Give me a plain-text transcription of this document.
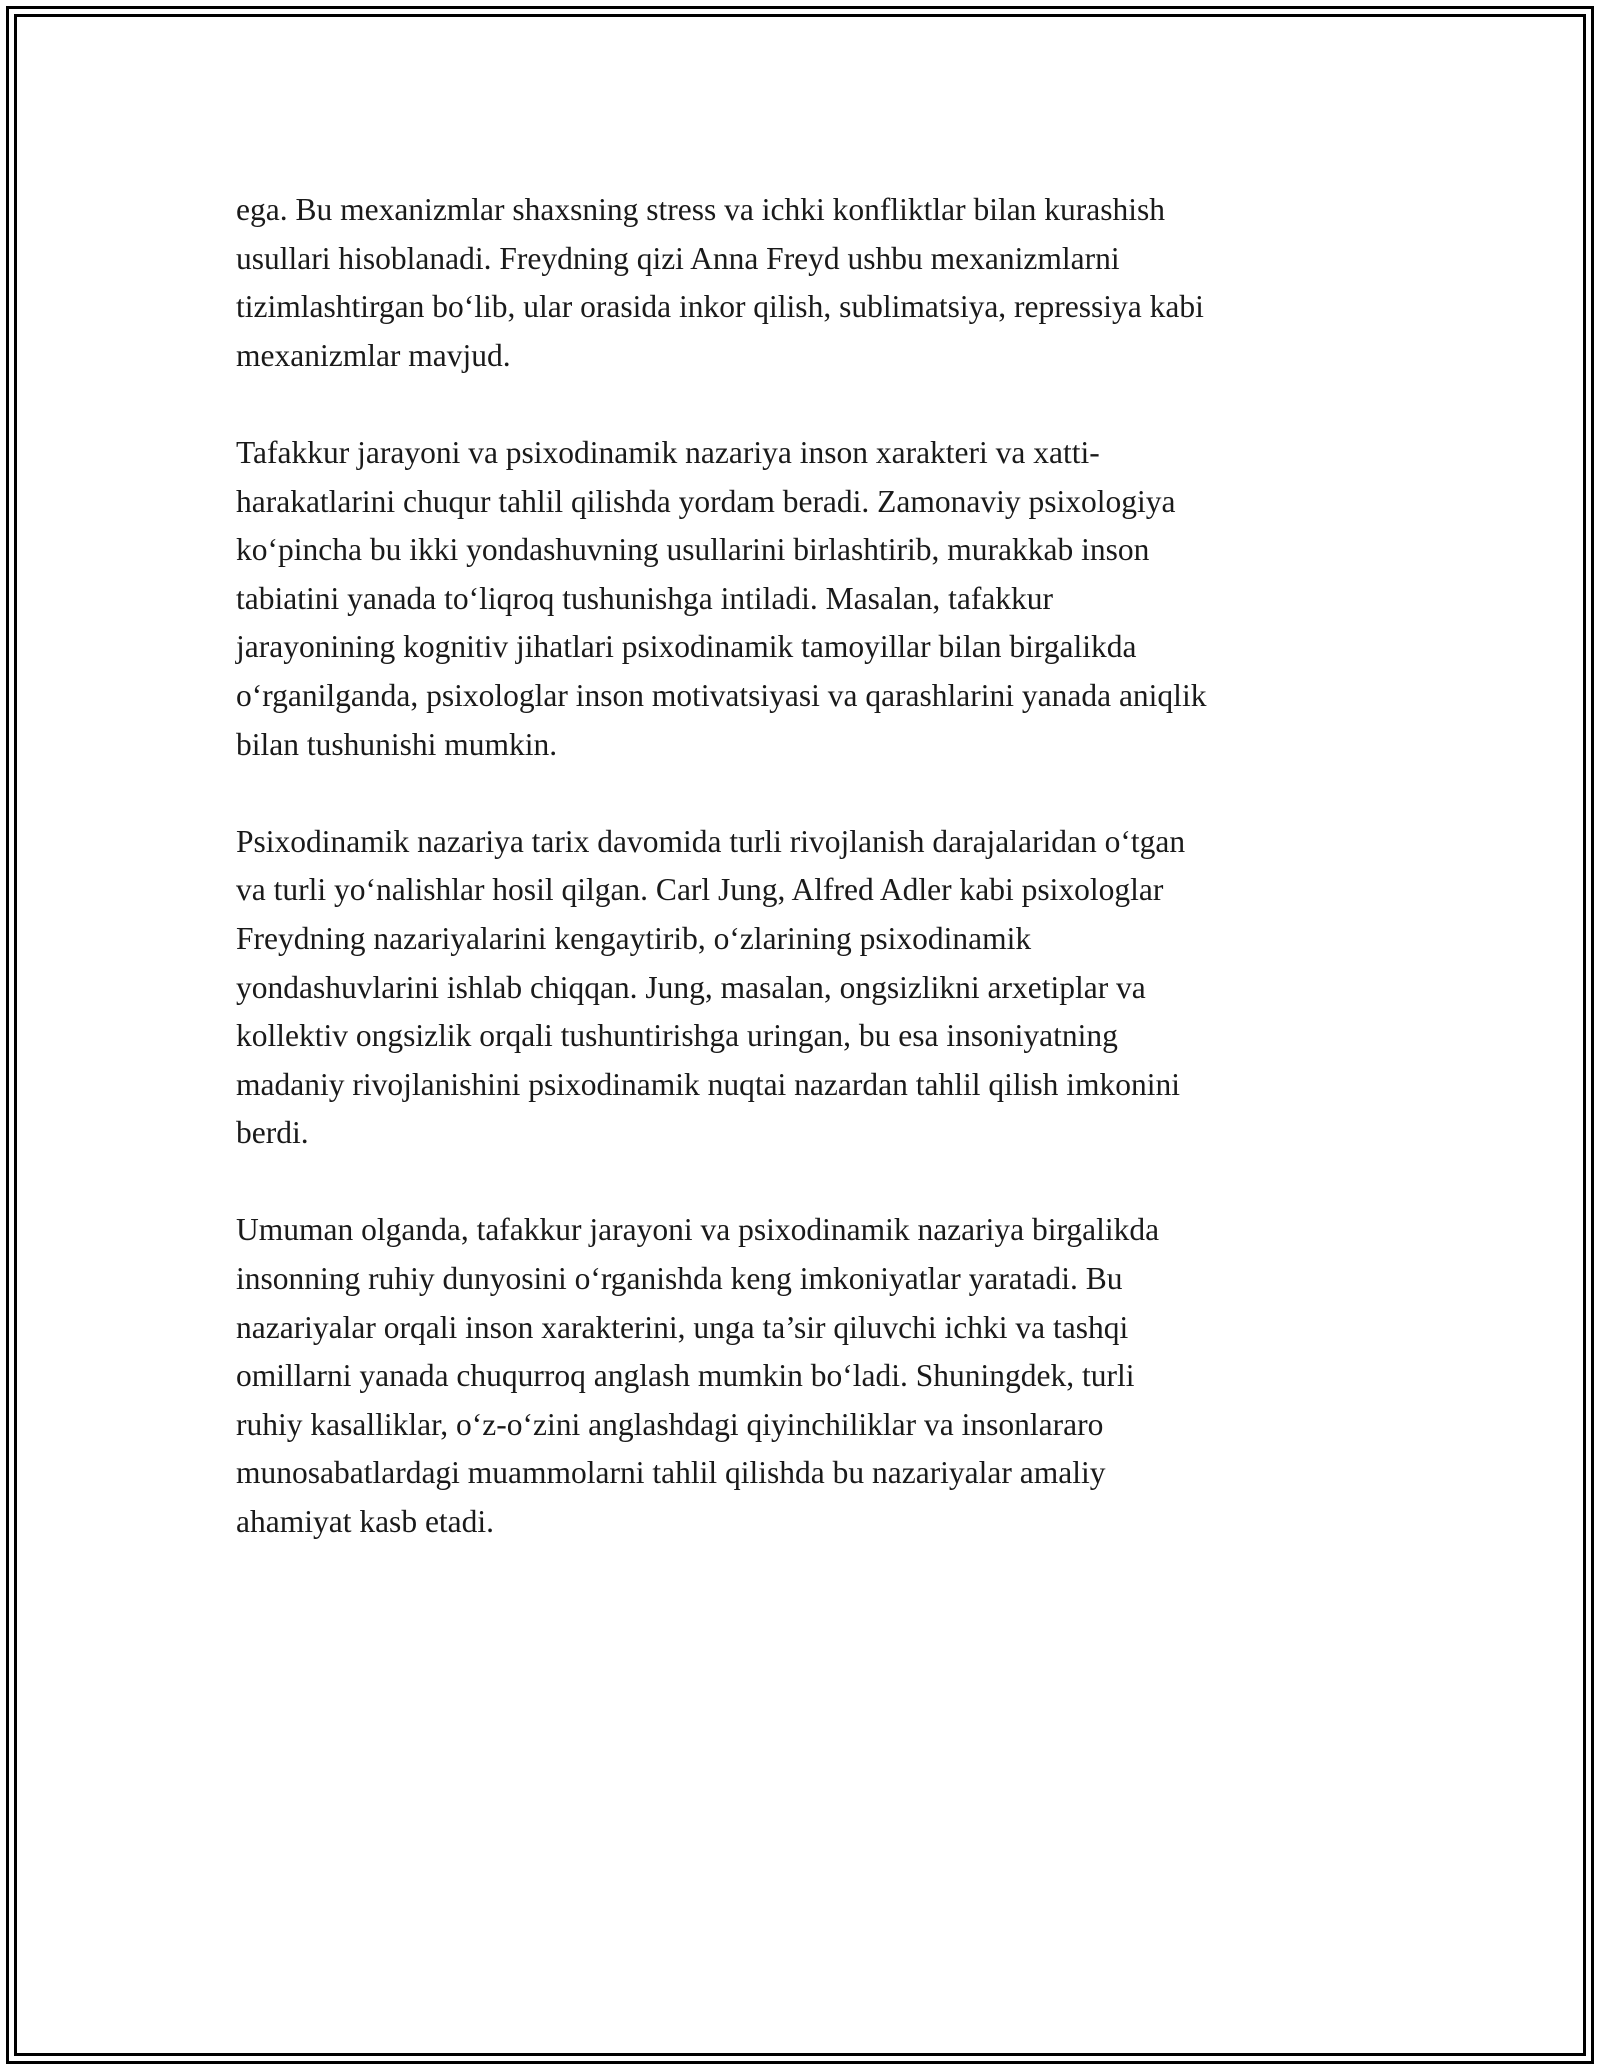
ega. Bu mexanizmlar shaxsning stress va ichki konfliktlar bilan kurashish
usullari hisoblanadi. Freydning qizi Anna Freyd ushbu mexanizmlarni
tizimlashtirgan bo‘lib, ular orasida inkor qilish, sublimatsiya, repressiya kabi
mexanizmlar mavjud.

Tafakkur jarayoni va psixodinamik nazariya inson xarakteri va xatti-
harakatlarini chuqur tahlil qilishda yordam beradi. Zamonaviy psixologiya
ko‘pincha bu ikki yondashuvning usullarini birlashtirib, murakkab inson
tabiatini yanada to‘liqroq tushunishga intiladi. Masalan, tafakkur
jarayonining kognitiv jihatlari psixodinamik tamoyillar bilan birgalikda
o‘rganilganda, psixologlar inson motivatsiyasi va qarashlarini yanada aniqlik
bilan tushunishi mumkin.

Psixodinamik nazariya tarix davomida turli rivojlanish darajalaridan o‘tgan
va turli yo‘nalishlar hosil qilgan. Carl Jung, Alfred Adler kabi psixologlar
Freydning nazariyalarini kengaytirib, o‘zlarining psixodinamik
yondashuvlarini ishlab chiqqan. Jung, masalan, ongsizlikni arxetiplar va
kollektiv ongsizlik orqali tushuntirishga uringan, bu esa insoniyatning
madaniy rivojlanishini psixodinamik nuqtai nazardan tahlil qilish imkonini
berdi.

Umuman olganda, tafakkur jarayoni va psixodinamik nazariya birgalikda
insonning ruhiy dunyosini o‘rganishda keng imkoniyatlar yaratadi. Bu
nazariyalar orqali inson xarakterini, unga ta’sir qiluvchi ichki va tashqi
omillarni yanada chuqurroq anglash mumkin bo‘ladi. Shuningdek, turli
ruhiy kasalliklar, o‘z-o‘zini anglashdagi qiyinchiliklar va insonlararo
munosabatlardagi muammolarni tahlil qilishda bu nazariyalar amaliy
ahamiyat kasb etadi.
